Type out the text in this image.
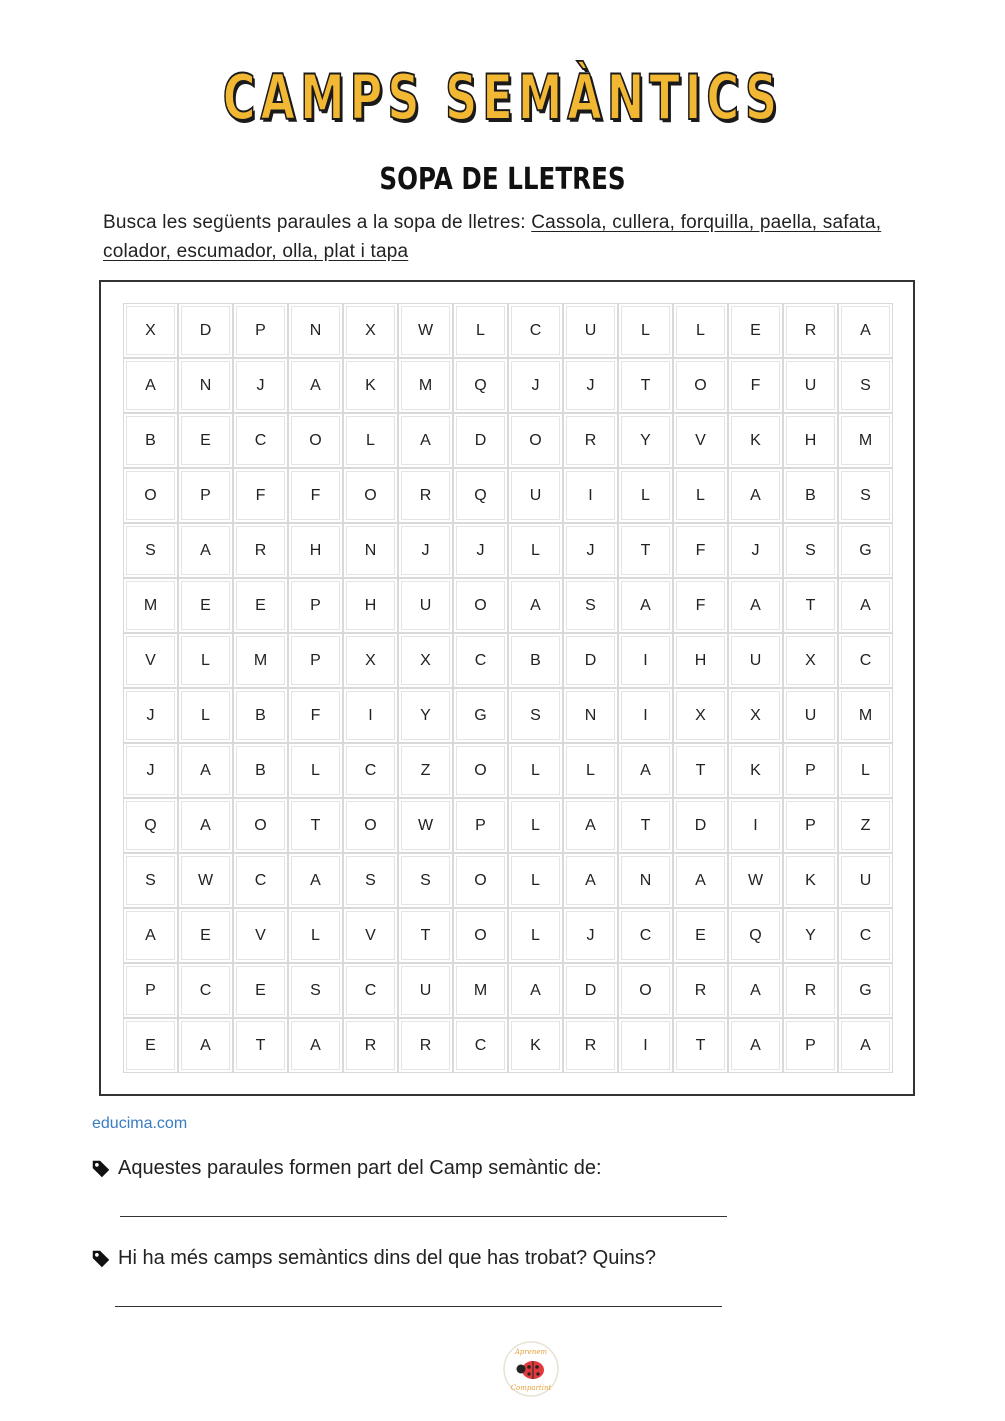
CAMPS SEMÀNTICS
SOPA DE LLETRES
Busca les següents paraules a la sopa de lletres: Cassola, cullera, forquilla, paella, safata, colador, escumador, olla, plat i tapa
X	D	P	N	X	W	L	C	U	L	L	E	R	A
A	N	J	A	K	M	Q	J	J	T	O	F	U	S
B	E	C	O	L	A	D	O	R	Y	V	K	H	M
O	P	F	F	O	R	Q	U	I	L	L	A	B	S
S	A	R	H	N	J	J	L	J	T	F	J	S	G
M	E	E	P	H	U	O	A	S	A	F	A	T	A
V	L	M	P	X	X	C	B	D	I	H	U	X	C
J	L	B	F	I	Y	G	S	N	I	X	X	U	M
J	A	B	L	C	Z	O	L	L	A	T	K	P	L
Q	A	O	T	O	W	P	L	A	T	D	I	P	Z
S	W	C	A	S	S	O	L	A	N	A	W	K	U
A	E	V	L	V	T	O	L	J	C	E	Q	Y	C
P	C	E	S	C	U	M	A	D	O	R	A	R	G
E	A	T	A	R	R	C	K	R	I	T	A	P	A
educima.com
Aquestes paraules formen part del Camp semàntic de:
Hi ha més camps semàntics dins del que has trobat? Quins?
Aprenem
Compartint
